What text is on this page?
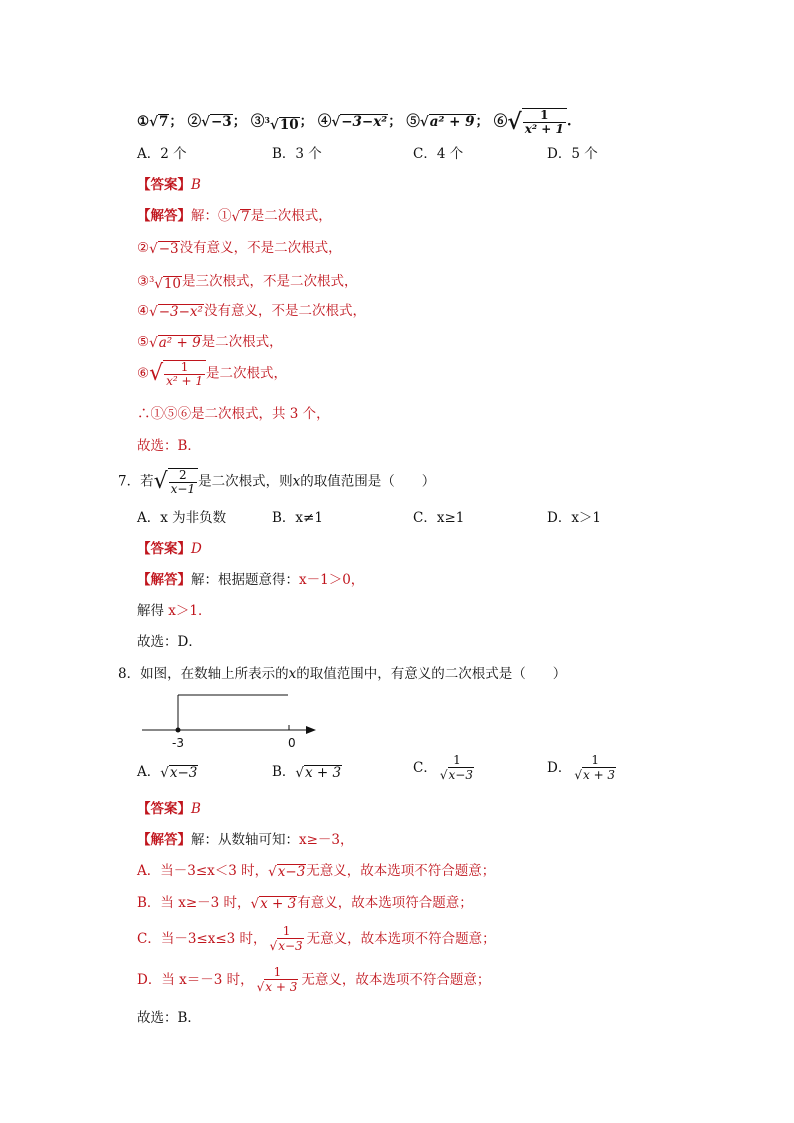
①√7； ②√−3； ③$^3$√10； ④√−3−x²； ⑤√a² + 9； ⑥√ $\frac{1}{\text{x² + 1}}$ .
A．2 个	B．3 个	C．4 个	D．5 个
【答案】B
【解答】解：①√7是二次根式，
②√−3没有意义，不是二次根式，
③$^3$√10是三次根式，不是二次根式，
④√−3−x²没有意义，不是二次根式，
⑤√a² + 9是二次根式，
⑥√ $\frac{1}{\text{x² + 1}}$ 是二次根式，
∴①⑤⑥是二次根式，共 3 个，
故选：B．
7．若√ $\frac{2}{x-1}$ 是二次根式，则x的取值范围是（　　）
A．x 为非负数	B．x≠1	C．x≥1	D．x＞1
【答案】D
【解答】解：根据题意得：x－1＞0，
解得 x＞1．
故选：D．
8．如图，在数轴上所表示的x的取值范围中，有意义的二次根式是（　　）
-3	0
A．√x−3	B．√x + 3	C． 1
√x−3	D． 1
√x + 3
【答案】B
【解答】解：从数轴可知：x≥－3，
A．当－3≤x＜3 时，√x−3无意义，故本选项不符合题意；
B．当 x≥－3 时，√x + 3有意义，故本选项符合题意；
C．当－3≤x≤3 时， 1
√x−3 无意义，故本选项不符合题意；
D．当 x＝－3 时， 1
√x + 3 无意义，故本选项不符合题意；
故选：B．
